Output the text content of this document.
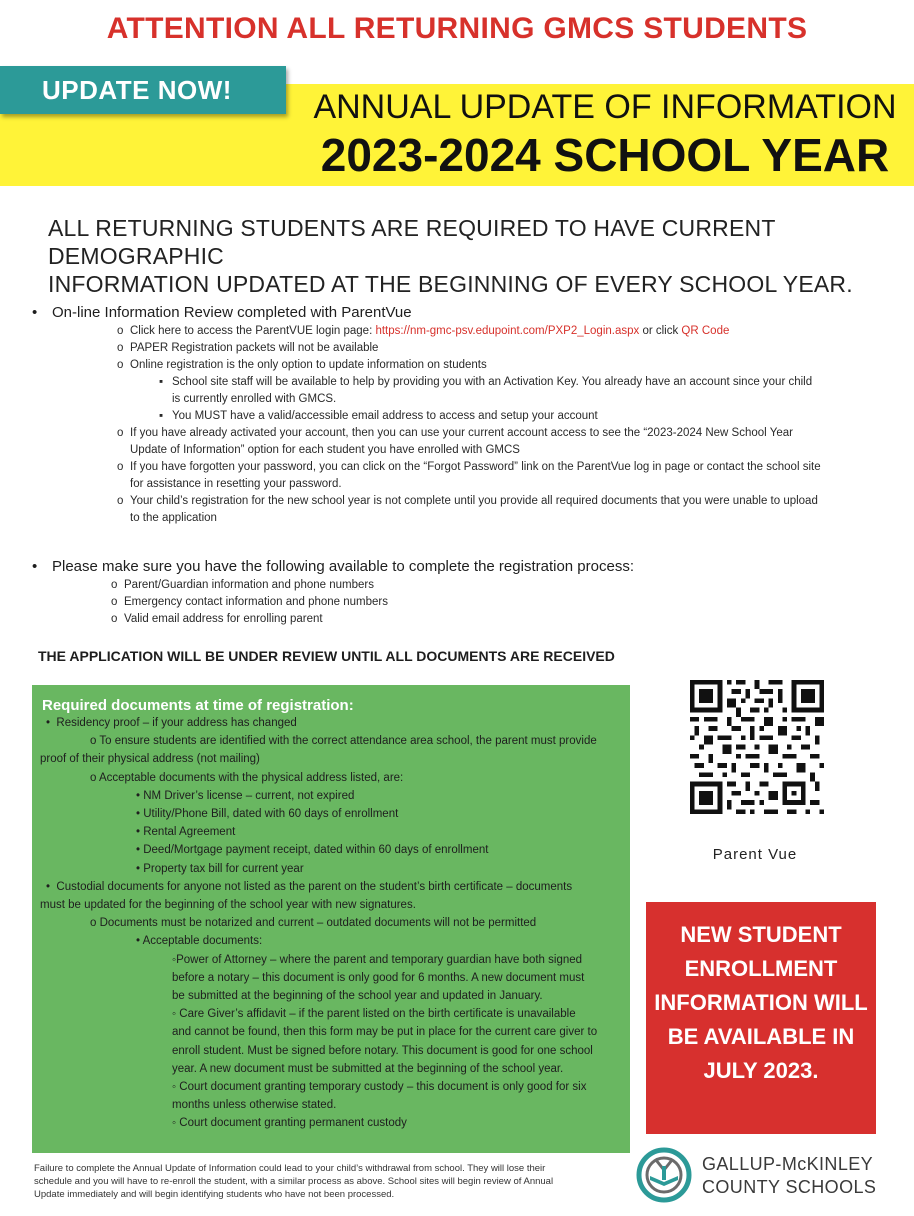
ATTENTION ALL RETURNING GMCS STUDENTS
UPDATE NOW!	ANNUAL UPDATE OF INFORMATION
2023-2024 SCHOOL YEAR
ALL RETURNING STUDENTS ARE REQUIRED TO HAVE CURRENT DEMOGRAPHIC
INFORMATION UPDATED AT THE BEGINNING OF EVERY SCHOOL YEAR.
• On-line Information Review completed with ParentVue
o Click here to access the ParentVUE login page: https://nm-gmc-psv.edupoint.com/PXP2_Login.aspx or click QR Code
o PAPER Registration packets will not be available
o Online registration is the only option to update information on students
▪ School site staff will be available to help by providing you with an Activation Key. You already have an account since your child
is currently enrolled with GMCS.
▪ You MUST have a valid/accessible email address to access and setup your account
o If you have already activated your account, then you can use your current account access to see the “2023-2024 New School Year
Update of Information” option for each student you have enrolled with GMCS
o If you have forgotten your password, you can click on the “Forgot Password” link on the ParentVue log in page or contact the school site
for assistance in resetting your password.
o Your child’s registration for the new school year is not complete until you provide all required documents that you were unable to upload
to the application
• Please make sure you have the following available to complete the registration process:
o Parent/Guardian information and phone numbers
o Emergency contact information and phone numbers
o Valid email address for enrolling parent
THE APPLICATION WILL BE UNDER REVIEW UNTIL ALL DOCUMENTS ARE RECEIVED
Required documents at time of registration:
•  Residency proof – if your address has changed
o To ensure students are identified with the correct attendance area school, the parent must provide
proof of their physical address (not mailing)
o Acceptable documents with the physical address listed, are:
• NM Driver’s license – current, not expired
• Utility/Phone Bill, dated with 60 days of enrollment
• Rental Agreement
• Deed/Mortgage payment receipt, dated within 60 days of enrollment
• Property tax bill for current year
•  Custodial documents for anyone not listed as the parent on the student’s birth certificate – documents
must be updated for the beginning of the school year with new signatures.
o Documents must be notarized and current – outdated documents will not be permitted
• Acceptable documents:
◦Power of Attorney – where the parent and temporary guardian have both signed
before a notary – this document is only good for 6 months. A new document must
be submitted at the beginning of the school year and updated in January.
◦ Care Giver’s affidavit – if the parent listed on the birth certificate is unavailable
and cannot be found, then this form may be put in place for the current care giver to
enroll student. Must be signed before notary. This document is good for one school
year. A new document must be submitted at the beginning of the school year.
◦ Court document granting temporary custody – this document is only good for six
months unless otherwise stated.
◦ Court document granting permanent custody
Parent Vue
NEW STUDENT
ENROLLMENT
INFORMATION WILL
BE AVAILABLE IN
JULY 2023.
Failure to complete the Annual Update of Information could lead to your child’s withdrawal from school. They will lose their
schedule and you will have to re-enroll the student, with a similar process as above. School sites will begin review of Annual
Update immediately and will begin identifying students who have not been processed.
GALLUP-McKINLEY
COUNTY SCHOOLS
